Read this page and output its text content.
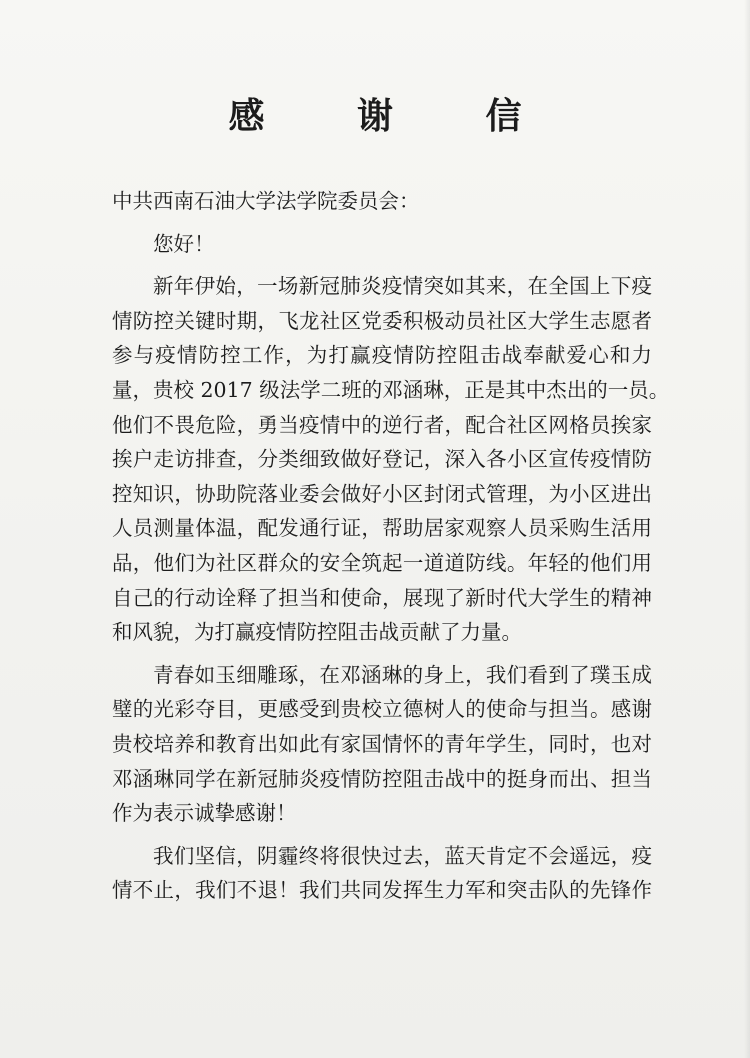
感 谢 信
中共西南石油大学法学院委员会：
您好！
新年伊始，一场新冠肺炎疫情突如其来，在全国上下疫
情防控关键时期，飞龙社区党委积极动员社区大学生志愿者
参与疫情防控工作，为打赢疫情防控阻击战奉献爱心和力
量，贵校 2017 级法学二班的邓涵琳，正是其中杰出的一员。
他们不畏危险，勇当疫情中的逆行者，配合社区网格员挨家
挨户走访排查，分类细致做好登记，深入各小区宣传疫情防
控知识，协助院落业委会做好小区封闭式管理，为小区进出
人员测量体温，配发通行证，帮助居家观察人员采购生活用
品，他们为社区群众的安全筑起一道道防线。年轻的他们用
自己的行动诠释了担当和使命，展现了新时代大学生的精神
和风貌，为打赢疫情防控阻击战贡献了力量。
青春如玉细雕琢，在邓涵琳的身上，我们看到了璞玉成
璧的光彩夺目，更感受到贵校立德树人的使命与担当。感谢
贵校培养和教育出如此有家国情怀的青年学生，同时，也对
邓涵琳同学在新冠肺炎疫情防控阻击战中的挺身而出、担当
作为表示诚挚感谢！
我们坚信，阴霾终将很快过去，蓝天肯定不会遥远，疫
情不止，我们不退！我们共同发挥生力军和突击队的先锋作
